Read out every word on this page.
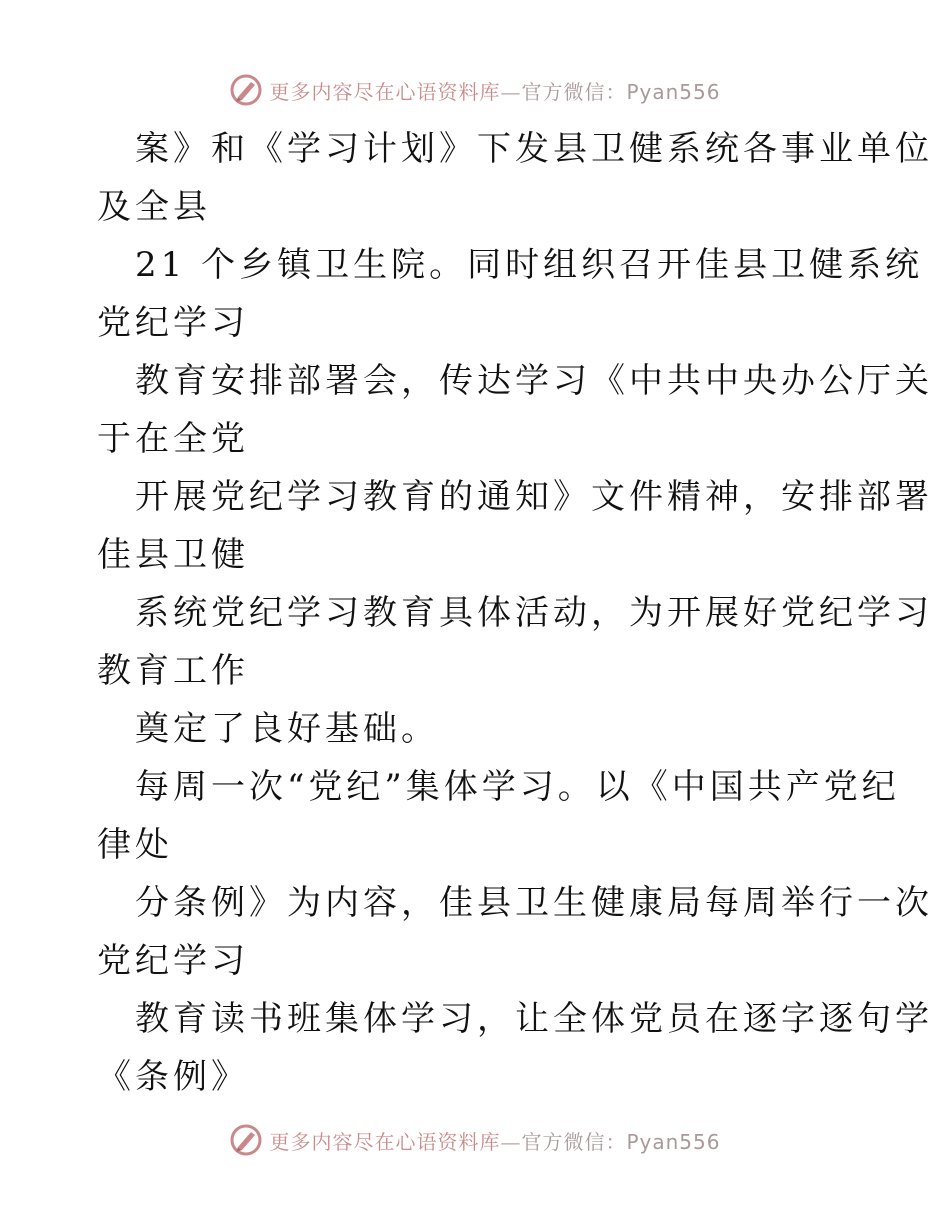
更多内容尽在心语资料库—官方微信：Pyan556
案》和《学习计划》下发县卫健系统各事业单位
及全县
21 个乡镇卫生院。同时组织召开佳县卫健系统
党纪学习
教育安排部署会，传达学习《中共中央办公厅关
于在全党
开展党纪学习教育的通知》文件精神，安排部署
佳县卫健
系统党纪学习教育具体活动，为开展好党纪学习
教育工作
奠定了良好基础。
每周一次“党纪”集体学习。以《中国共产党纪
律处
分条例》为内容，佳县卫生健康局每周举行一次
党纪学习
教育读书班集体学习，让全体党员在逐字逐句学
《条例》
更多内容尽在心语资料库—官方微信：Pyan556
